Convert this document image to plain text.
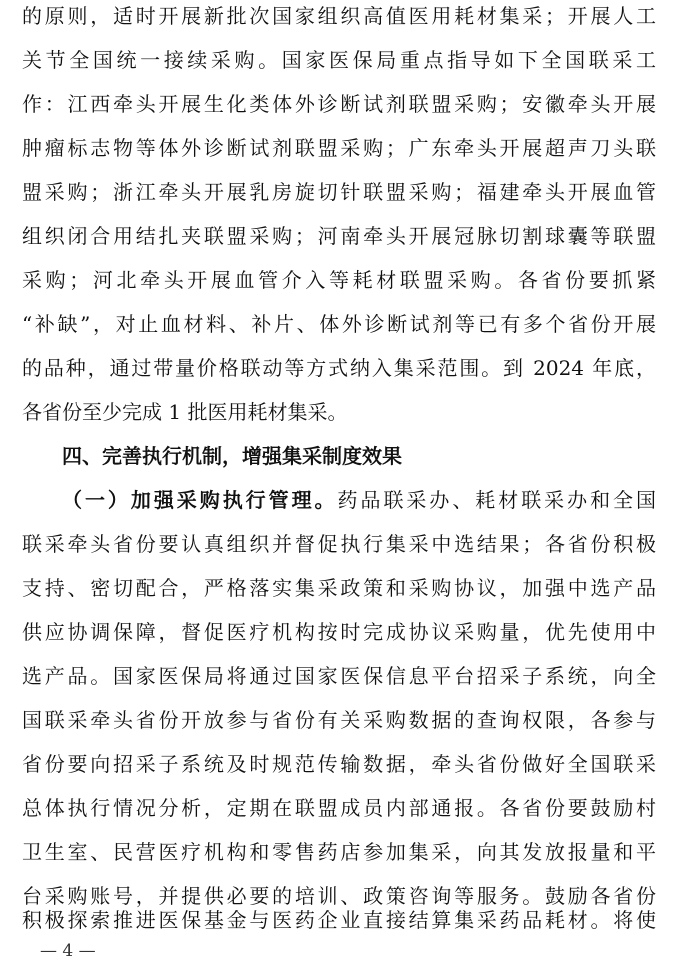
的原则，适时开展新批次国家组织高值医用耗材集采；开展人工
关节全国统一接续采购。国家医保局重点指导如下全国联采工
作：江西牵头开展生化类体外诊断试剂联盟采购；安徽牵头开展
肿瘤标志物等体外诊断试剂联盟采购；广东牵头开展超声刀头联
盟采购；浙江牵头开展乳房旋切针联盟采购；福建牵头开展血管
组织闭合用结扎夹联盟采购；河南牵头开展冠脉切割球囊等联盟
采购；河北牵头开展血管介入等耗材联盟采购。各省份要抓紧
“补缺”，对止血材料、补片、体外诊断试剂等已有多个省份开展
的品种，通过带量价格联动等方式纳入集采范围。到 2024 年底，
各省份至少完成 1 批医用耗材集采。
四、完善执行机制，增强集采制度效果
（一）加强采购执行管理。药品联采办、耗材联采办和全国
联采牵头省份要认真组织并督促执行集采中选结果；各省份积极
支持、密切配合，严格落实集采政策和采购协议，加强中选产品
供应协调保障，督促医疗机构按时完成协议采购量，优先使用中
选产品。国家医保局将通过国家医保信息平台招采子系统，向全
国联采牵头省份开放参与省份有关采购数据的查询权限，各参与
省份要向招采子系统及时规范传输数据，牵头省份做好全国联采
总体执行情况分析，定期在联盟成员内部通报。各省份要鼓励村
卫生室、民营医疗机构和零售药店参加集采，向其发放报量和平
台采购账号，并提供必要的培训、政策咨询等服务。鼓励各省份
— 4 —
积极探索推进医保基金与医药企业直接结算集采药品耗材。将使
